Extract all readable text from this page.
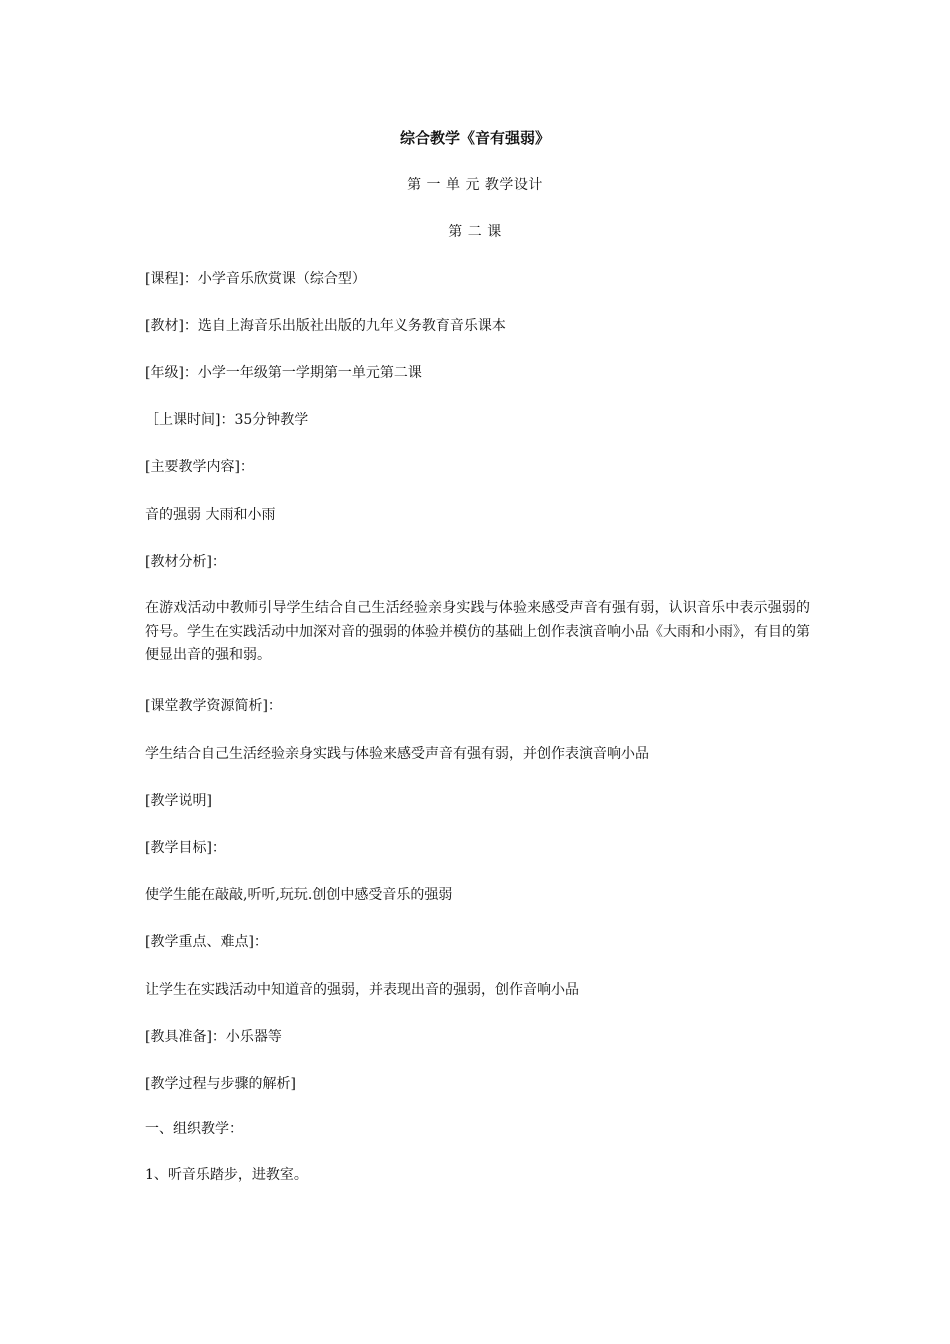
综合教学《音有强弱》
第 一 单 元 教学设计
第 二 课
[课程]：小学音乐欣赏课（综合型）
[教材]：选自上海音乐出版社出版的九年义务教育音乐课本
[年级]：小学一年级第一学期第一单元第二课
［上课时间]：35分钟教学
[主要教学内容]：
音的强弱 大雨和小雨
[教材分析]：
在游戏活动中教师引导学生结合自己生活经验亲身实践与体验来感受声音有强有弱，认识音乐中表示强弱的符号。学生在实践活动中加深对音的强弱的体验并模仿的基础上创作表演音响小品《大雨和小雨》，有目的第便显出音的强和弱。
[课堂教学资源简析]：
学生结合自己生活经验亲身实践与体验来感受声音有强有弱，并创作表演音响小品
[教学说明]
[教学目标]：
使学生能在敲敲,听听,玩玩.创创中感受音乐的强弱
[教学重点、难点]：
让学生在实践活动中知道音的强弱，并表现出音的强弱，创作音响小品
[教具准备]：小乐器等
[教学过程与步骤的解析]
一、组织教学：
1、听音乐踏步，进教室。
